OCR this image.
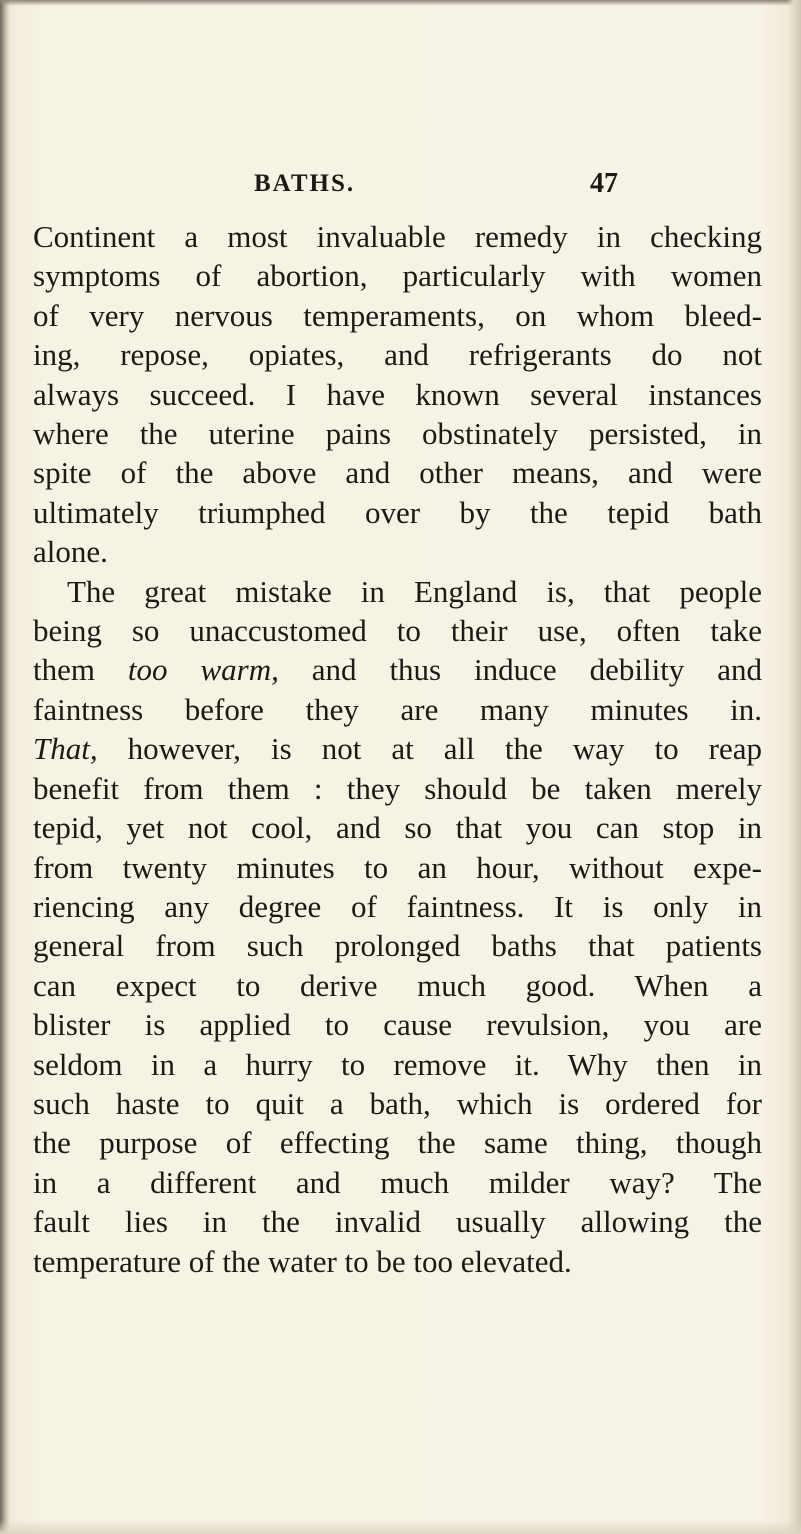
BATHS.	47
Continent a most invaluable remedy in checking
symptoms of abortion, particularly with women
of very nervous temperaments, on whom bleed-
ing, repose, opiates, and refrigerants do not
always succeed. I have known several instances
where the uterine pains obstinately persisted, in
spite of the above and other means, and were
ultimately triumphed over by the tepid bath
alone.
The great mistake in England is, that people
being so unaccustomed to their use, often take
them too warm, and thus induce debility and
faintness before they are many minutes in.
That, however, is not at all the way to reap
benefit from them : they should be taken merely
tepid, yet not cool, and so that you can stop in
from twenty minutes to an hour, without expe-
riencing any degree of faintness. It is only in
general from such prolonged baths that patients
can expect to derive much good. When a
blister is applied to cause revulsion, you are
seldom in a hurry to remove it. Why then in
such haste to quit a bath, which is ordered for
the purpose of effecting the same thing, though
in a different and much milder way? The
fault lies in the invalid usually allowing the
temperature of the water to be too elevated.
